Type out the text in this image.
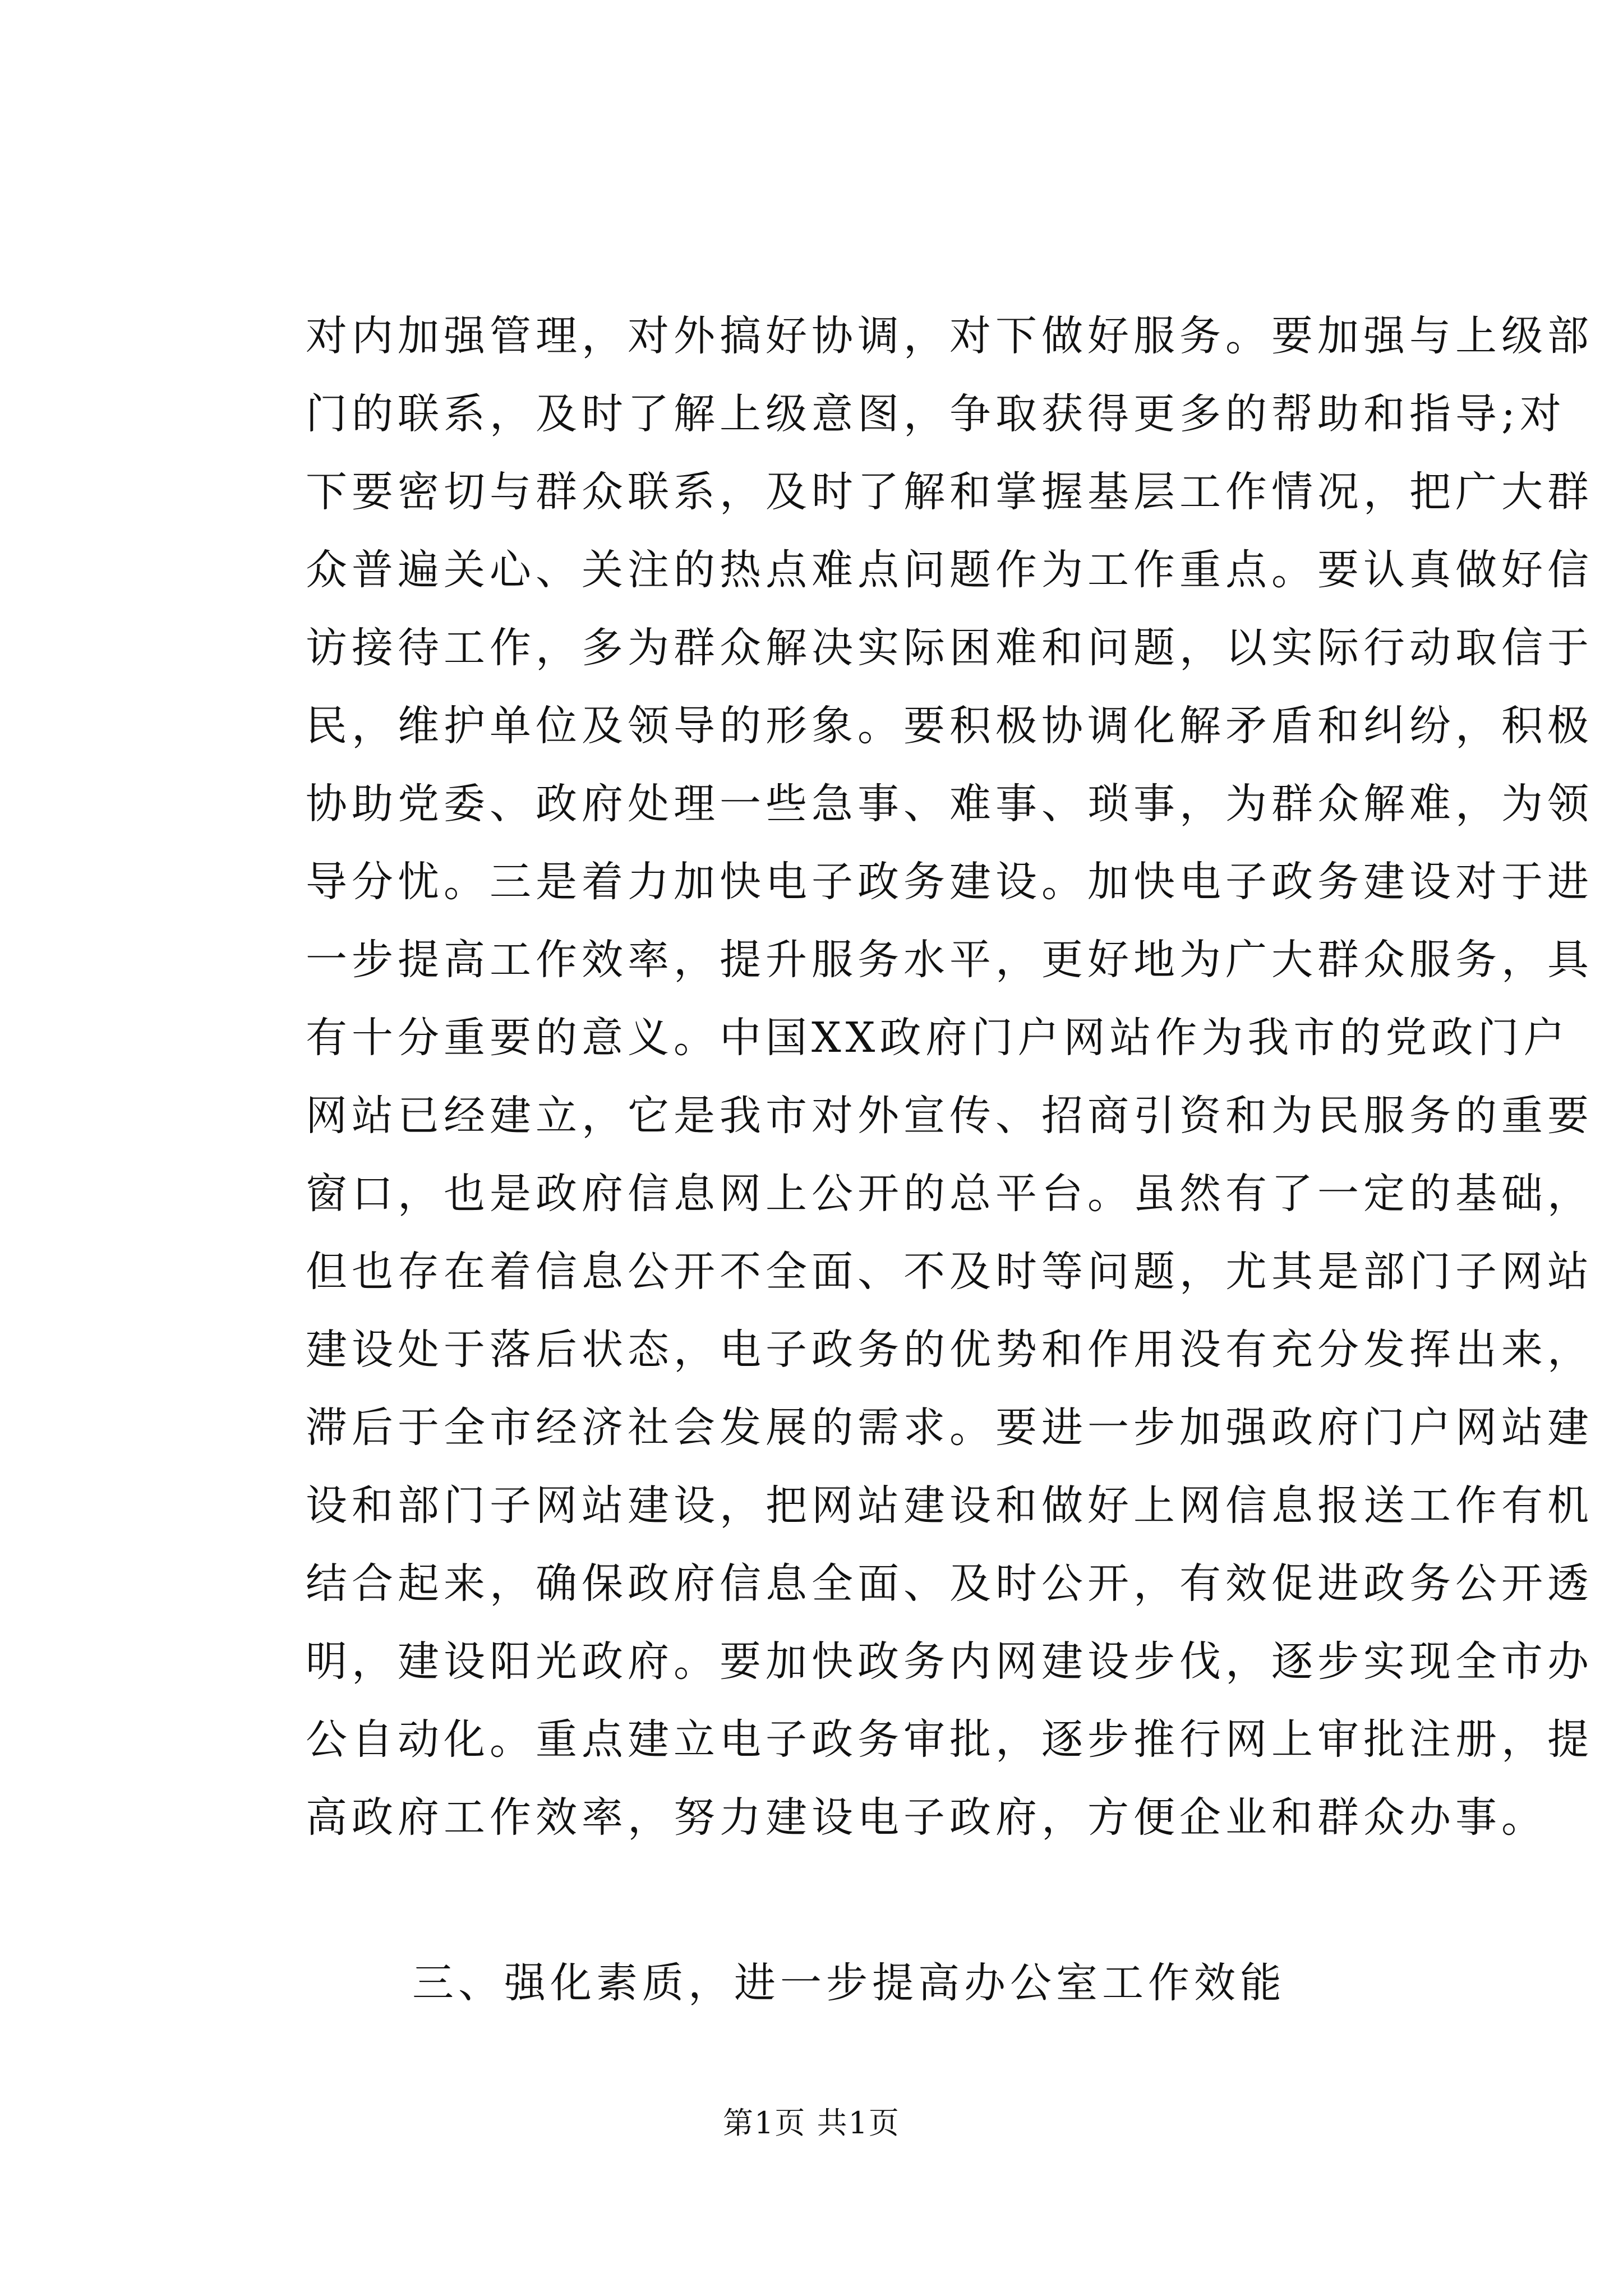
对内加强管理，对外搞好协调，对下做好服务。要加强与上级部
门的联系，及时了解上级意图，争取获得更多的帮助和指导;对
下要密切与群众联系，及时了解和掌握基层工作情况，把广大群
众普遍关心、关注的热点难点问题作为工作重点。要认真做好信
访接待工作，多为群众解决实际困难和问题，以实际行动取信于
民，维护单位及领导的形象。要积极协调化解矛盾和纠纷，积极
协助党委、政府处理一些急事、难事、琐事，为群众解难，为领
导分忧。三是着力加快电子政务建设。加快电子政务建设对于进
一步提高工作效率，提升服务水平，更好地为广大群众服务，具
有十分重要的意义。中国XX政府门户网站作为我市的党政门户
网站已经建立，它是我市对外宣传、招商引资和为民服务的重要
窗口，也是政府信息网上公开的总平台。虽然有了一定的基础，
但也存在着信息公开不全面、不及时等问题，尤其是部门子网站
建设处于落后状态，电子政务的优势和作用没有充分发挥出来，
滞后于全市经济社会发展的需求。要进一步加强政府门户网站建
设和部门子网站建设，把网站建设和做好上网信息报送工作有机
结合起来，确保政府信息全面、及时公开，有效促进政务公开透
明，建设阳光政府。要加快政务内网建设步伐，逐步实现全市办
公自动化。重点建立电子政务审批，逐步推行网上审批注册，提
高政府工作效率，努力建设电子政府，方便企业和群众办事。

三、强化素质，进一步提高办公室工作效能

第1页 共1页
